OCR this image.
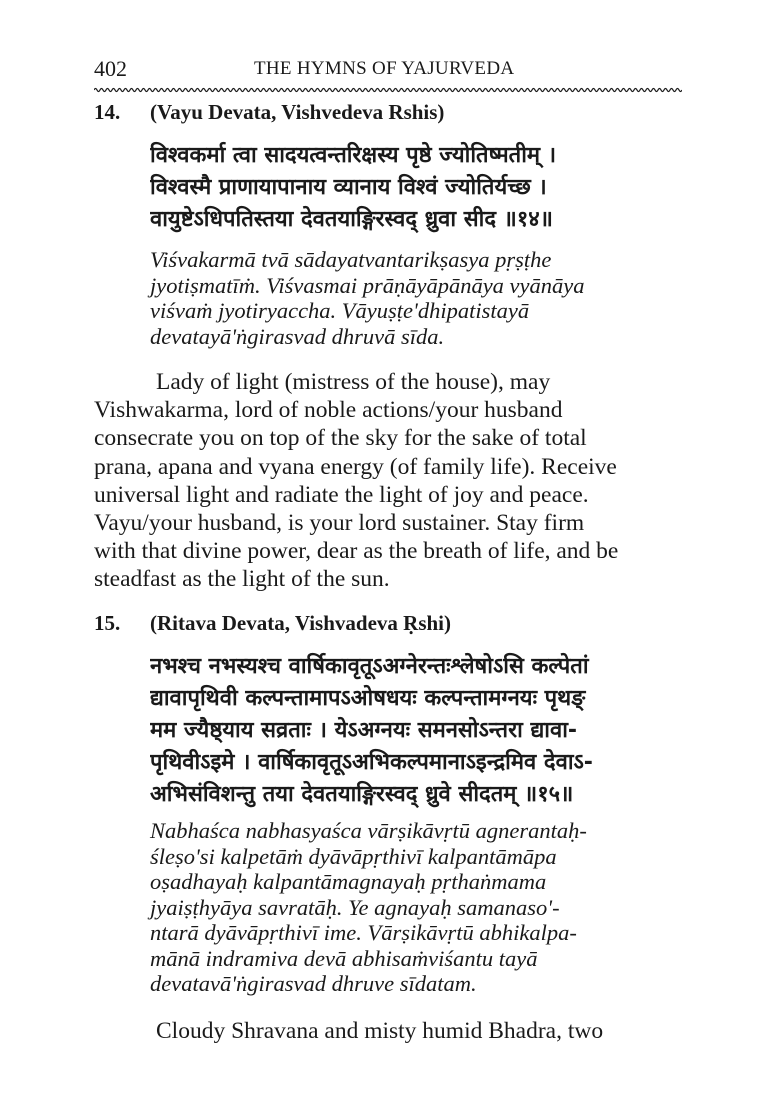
402	THE HYMNS OF YAJURVEDA
14. (Vayu Devata, Vishvedeva Rshis)
विश्वकर्मा त्वा सादयत्वन्तरिक्षस्य पृष्ठे ज्योतिष्मतीम् ।
विश्वस्मै प्राणायापानाय व्यानाय विश्वं ज्योतिर्यच्छ ।
वायुष्टेऽधिपतिस्तया देवतयाङ्गिरस्वद् ध्रुवा सीद ॥१४॥
Viśvakarmā tvā sādayatvantarikṣasya pṛṣṭhe
jyotiṣmatīṁ. Viśvasmai prāṇāyāpānāya vyānāya
viśvaṁ jyotiryaccha. Vāyuṣṭe'dhipatistayā
devatayā'ṅgirasvad dhruvā sīda.
Lady of light (mistress of the house), may
Vishwakarma, lord of noble actions/your husband
consecrate you on top of the sky for the sake of total
prana, apana and vyana energy (of family life). Receive
universal light and radiate the light of joy and peace.
Vayu/your husband, is your lord sustainer. Stay firm
with that divine power, dear as the breath of life, and be
steadfast as the light of the sun.
15. (Ritava Devata, Vishvadeva Ṛshi)
नभश्च नभस्यश्च वार्षिकावृतूऽअग्नेरन्तःश्लेषोऽसि कल्पेतां
द्यावापृथिवी कल्पन्तामापऽओषधयः कल्पन्तामग्नयः पृथङ्
मम ज्यैष्ठ्याय सव्रताः । येऽअग्नयः समनसोऽन्तरा द्यावा-
पृथिवीऽइमे । वार्षिकावृतूऽअभिकल्पमानाऽइन्द्रमिव देवाऽ-
अभिसंविशन्तु तया देवतयाङ्गिरस्वद् ध्रुवे सीदतम् ॥१५॥
Nabhaśca nabhasyaśca vārṣikāvṛtū agnerantaḥ-
śleṣo'si kalpetāṁ dyāvāpṛthivī kalpantāmāpa
oṣadhayaḥ kalpantāmagnayaḥ pṛthaṅmama
jyaiṣṭhyāya savratāḥ. Ye agnayaḥ samanaso'-
ntarā dyāvāpṛthivī ime. Vārṣikāvṛtū abhikalpa-
mānā indramiva devā abhisaṁviśantu tayā
devatavā'ṅgirasvad dhruve sīdatam.
Cloudy Shravana and misty humid Bhadra, two
